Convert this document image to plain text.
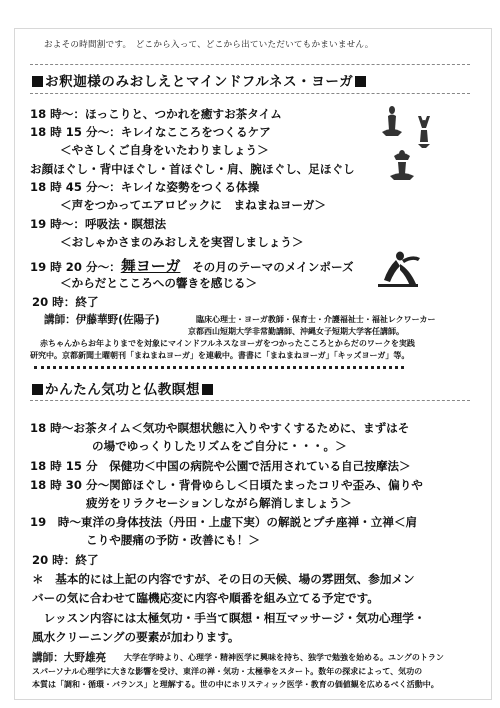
およその時間割です。　どこから入って、どこから出ていただいてもかまいません。
お釈迦様のみおしえとマインドフルネス・ヨーガ
18 時～：ほっこりと、つかれを癒すお茶タイム
18 時 15 分～：キレイなこころをつくるケア
＜やさしくご自身をいたわりましょう＞
お顔ほぐし・背中ほぐし・首ほぐし・肩、腕ほぐし、足ほぐし
18 時 45 分～：キレイな姿勢をつくる体操
＜声をつかってエアロビックに　まねまねヨーガ＞
19 時～：呼吸法・瞑想法
＜おしゃかさまのみおしえを実習しましょう＞
19 時 20 分～：舞ヨーガ　その月のテーマのメインポーズ
＜からだとこころへの響きを感じる＞
20 時：終了
講師：伊藤華野(佐陽子)	臨床心理士・ヨーガ教師・保育士・介護福祉士・福祉レクワーカー
京都西山短期大学非常勤講師、沖縄女子短期大学客任講師。
赤ちゃんからお年よりまでを対象にマインドフルネスなヨーガをつかったこころとからだのワークを実践
研究中。京都新聞土曜朝刊「まねまねヨーガ」を連載中。書書に「まねまねヨーガ」「キッズヨーガ」等。
かんたん気功と仏教瞑想
18 時～お茶タイム＜気功や瞑想状態に入りやすくするために、まずはそ
の場でゆっくりしたリズムをご自分に・・・。＞
18 時 15 分　保健功＜中国の病院や公園で活用されている自己按摩法＞
18 時 30 分～関節ほぐし・背骨ゆらし＜日頃たまったコリや歪み、偏りや
疲労をリラクセーションしながら解消しましょう＞
19　時～東洋の身体技法（丹田・上虚下実）の解説とプチ座禅・立禅＜肩
こりや腰痛の予防・改善にも！＞
20 時：終了
＊　基本的には上記の内容ですが、その日の天候、場の雰囲気、参加メン
バーの気に合わせて臨機応変に内容や順番を組み立てる予定です。
　レッスン内容には太極気功・手当て瞑想・相互マッサージ・気功心理学・
風水クリーニングの要素が加わります。
講師：大野雄亮 大学在学時より、心理学・精神医学に興味を持ち、独学で勉強を始める。ユングのトラン
スパーソナル心理学に大きな影響を受け、東洋の禅・気功・太極拳をスタート。数年の探求によって、気功の
本質は「調和・循環・バランス」と理解する。世の中にホリスティック医学・教育の価値観を広めるべく活動中。
